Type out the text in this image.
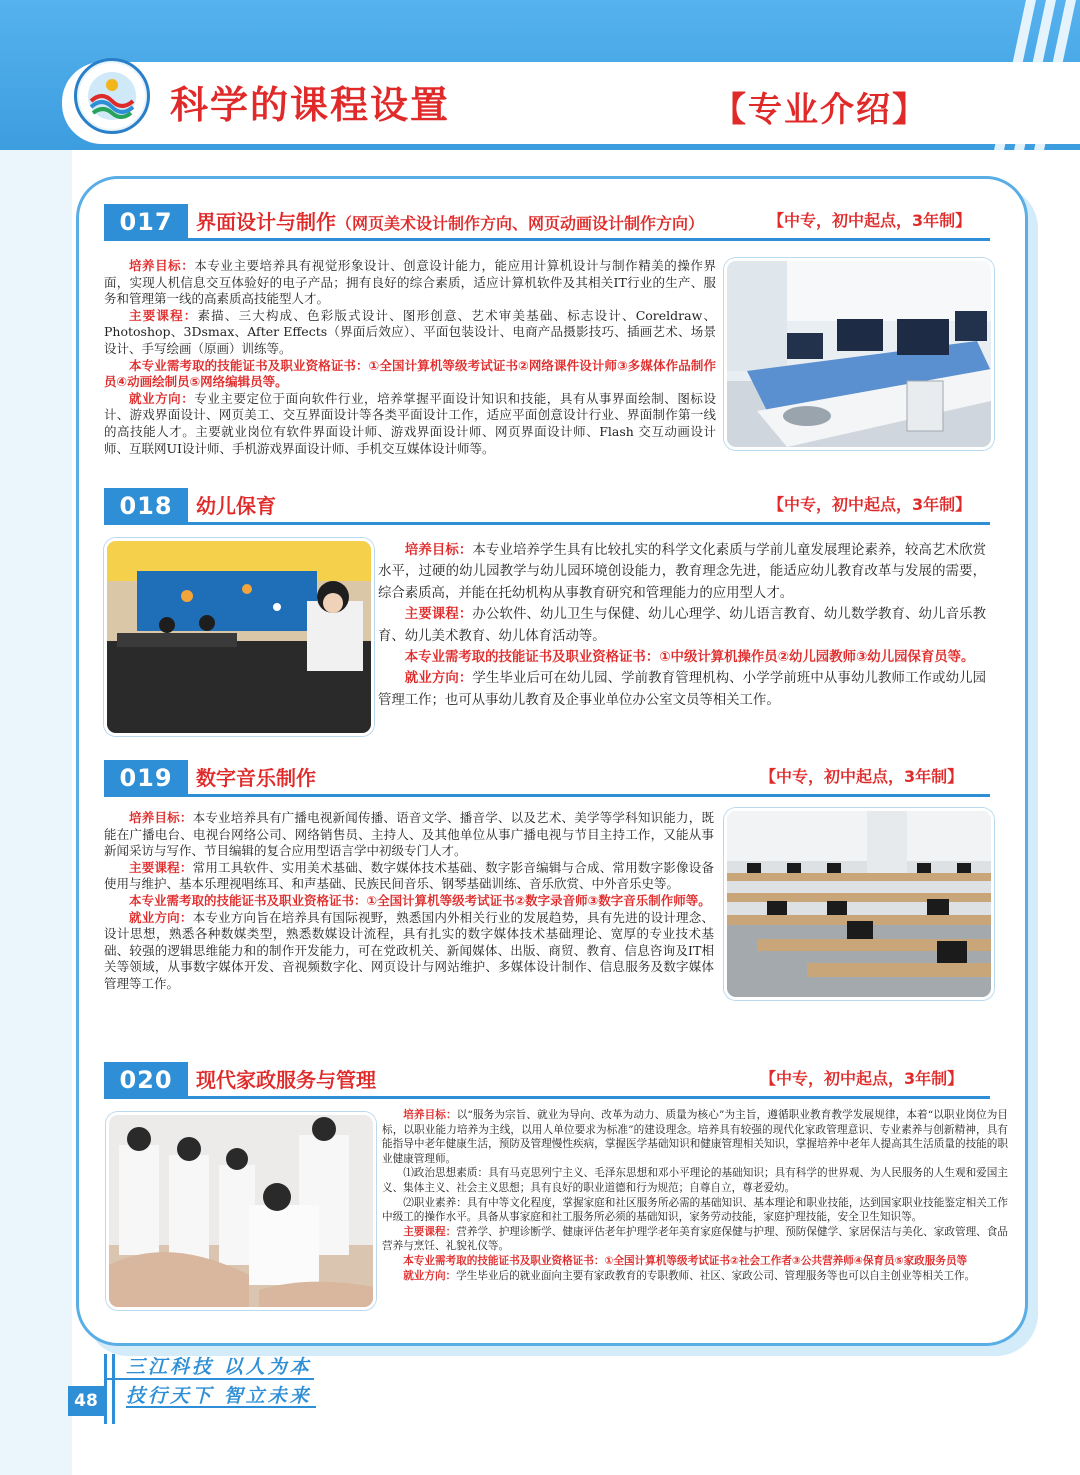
科学的课程设置	【专业介绍】
017	界面设计与制作（网页美术设计制作方向、网页动画设计制作方向）	【中专，初中起点，3年制】

培养目标：本专业主要培养具有视觉形象设计、创意设计能力，能应用计算机设计与制作精美的操作界面，实现人机信息交互体验好的电子产品；拥有良好的综合素质，适应计算机软件及其相关IT行业的生产、服务和管理第一线的高素质高技能型人才。

主要课程：素描、三大构成、色彩版式设计、图形创意、艺术审美基础、标志设计、Coreldraw、Photoshop、3Dsmax、After Effects（界面后效应）、平面包装设计、电商产品摄影技巧、插画艺术、场景设计、手写绘画（原画）训练等。

本专业需考取的技能证书及职业资格证书：①全国计算机等级考试证书②网络课件设计师③多媒体作品制作员④动画绘制员⑤网络编辑员等。

就业方向：专业主要定位于面向软件行业，培养掌握平面设计知识和技能，具有从事界面绘制、图标设计、游戏界面设计、网页美工、交互界面设计等各类平面设计工作，适应平面创意设计行业、界面制作第一线的高技能人才。主要就业岗位有软件界面设计师、游戏界面设计师、网页界面设计师、Flash 交互动画设计师、互联网UI设计师、手机游戏界面设计师、手机交互媒体设计师等。

018	幼儿保育	【中专，初中起点，3年制】

培养目标：本专业培养学生具有比较扎实的科学文化素质与学前儿童发展理论素养，较高艺术欣赏水平，过硬的幼儿园教学与幼儿园环境创设能力，教育理念先进，能适应幼儿教育改革与发展的需要，综合素质高，并能在托幼机构从事教育研究和管理能力的应用型人才。

主要课程：办公软件、幼儿卫生与保健、幼儿心理学、幼儿语言教育、幼儿数学教育、幼儿音乐教育、幼儿美术教育、幼儿体育活动等。

本专业需考取的技能证书及职业资格证书：①中级计算机操作员②幼儿园教师③幼儿园保育员等。

就业方向：学生毕业后可在幼儿园、学前教育管理机构、小学学前班中从事幼儿教师工作或幼儿园管理工作；也可从事幼儿教育及企事业单位办公室文员等相关工作。

019	数字音乐制作	【中专，初中起点，3年制】

培养目标：本专业培养具有广播电视新闻传播、语音文学、播音学、以及艺术、美学等学科知识能力，既能在广播电台、电视台网络公司、网络销售员、主持人、及其他单位从事广播电视与节目主持工作，又能从事新闻采访与写作、节目编辑的复合应用型语言学中初级专门人才。

主要课程：常用工具软件、实用美术基础、数字媒体技术基础、数字影音编辑与合成、常用数字影像设备使用与维护、基本乐理视唱练耳、和声基础、民族民间音乐、钢琴基础训练、音乐欣赏、中外音乐史等。

本专业需考取的技能证书及职业资格证书：①全国计算机等级考试证书②数字录音师③数字音乐制作师等。

就业方向：本专业方向旨在培养具有国际视野，熟悉国内外相关行业的发展趋势，具有先进的设计理念、设计思想，熟悉各种数媒类型，熟悉数媒设计流程，具有扎实的数字媒体技术基础理论、宽厚的专业技术基础、较强的逻辑思维能力和的制作开发能力，可在党政机关、新闻媒体、出版、商贸、教育、信息咨询及IT相关等领域，从事数字媒体开发、音视频数字化、网页设计与网站维护、多媒体设计制作、信息服务及数字媒体管理等工作。

020	现代家政服务与管理	【中专，初中起点，3年制】

培养目标：以“服务为宗旨、就业为导向、改革为动力、质量为核心”为主旨，遵循职业教育教学发展规律，本着“以职业岗位为目标，以职业能力培养为主线，以用人单位要求为标准”的建设理念。培养具有较强的现代化家政管理意识、专业素养与创新精神，具有能指导中老年健康生活，预防及管理慢性疾病，掌握医学基础知识和健康管理相关知识，掌握培养中老年人提高其生活质量的技能的职业健康管理师。

⑴政治思想素质：具有马克思列宁主义、毛泽东思想和邓小平理论的基础知识；具有科学的世界观、为人民服务的人生观和爱国主义、集体主义、社会主义思想；具有良好的职业道德和行为规范；自尊自立，尊老爱幼。

⑵职业素养：具有中等文化程度，掌握家庭和社区服务所必需的基础知识、基本理论和职业技能，达到国家职业技能鉴定相关工作中级工的操作水平。具备从事家庭和社工服务所必须的基础知识，家务劳动技能，家庭护理技能，安全卫生知识等。

主要课程：营养学、护理诊断学、健康评估老年护理学老年美育家庭保健与护理、预防保健学、家居保洁与美化、家政管理、食品营养与烹饪、礼貌礼仪等。

本专业需考取的技能证书及职业资格证书：①全国计算机等级考试证书②社会工作者③公共营养师④保育员⑤家政服务员等

就业方向：学生毕业后的就业面向主要有家政教育的专职教师、社区、家政公司、管理服务等也可以自主创业等相关工作。

三江科技 以人为本
技行天下 智立未来
48
